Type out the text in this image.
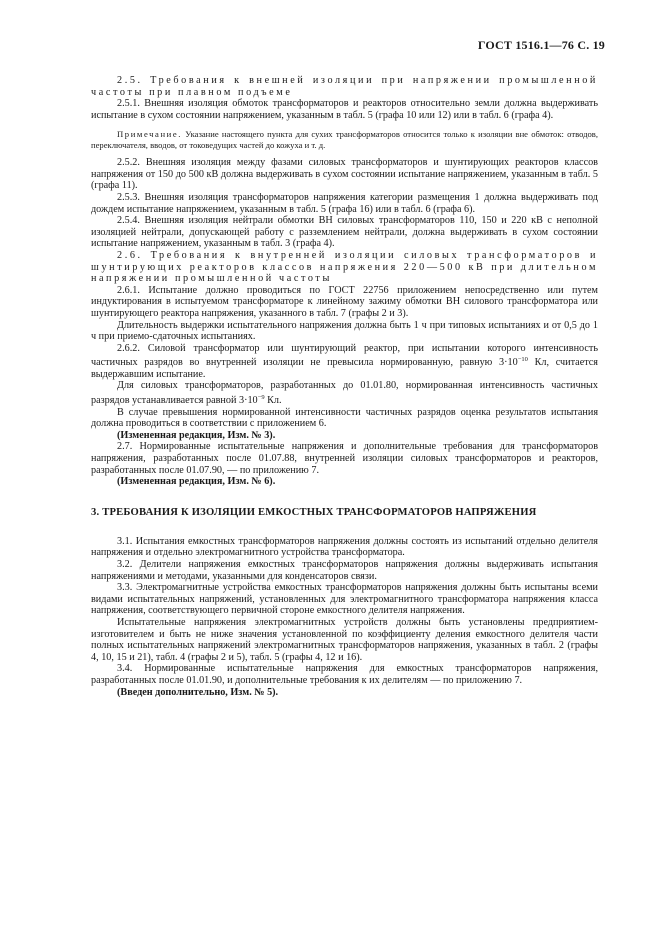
ГОСТ 1516.1—76 С. 19

2.5. Требования к внешней изоляции при напряжении промышленной частоты при плавном подъеме

2.5.1. Внешняя изоляция обмоток трансформаторов и реакторов относительно земли должна выдерживать испытание в сухом состоянии напряжением, указанным в табл. 5 (графа 10 или 12) или в табл. 6 (графа 4).

Примечание. Указание настоящего пункта для сухих трансформаторов относится только к изоляции вне обмоток: отводов, переключателя, вводов, от токоведущих частей до кожуха и т. д.

2.5.2. Внешняя изоляция между фазами силовых трансформаторов и шунтирующих реакторов классов напряжения от 150 до 500 кВ должна выдерживать в сухом состоянии испытание напряжением, указанным в табл. 5 (графа 11).

2.5.3. Внешняя изоляция трансформаторов напряжения категории размещения 1 должна выдерживать под дождем испытание напряжением, указанным в табл. 5 (графа 16) или в табл. 6 (графа 6).

2.5.4. Внешняя изоляция нейтрали обмотки ВН силовых трансформаторов 110, 150 и 220 кВ с неполной изоляцией нейтрали, допускающей работу с разземлением нейтрали, должна выдерживать в сухом состоянии испытание напряжением, указанным в табл. 3 (графа 4).

2.6. Требования к внутренней изоляции силовых трансформаторов и шунтирующих реакторов классов напряжения 220—500 кВ при длительном напряжении промышленной частоты

2.6.1. Испытание должно проводиться по ГОСТ 22756 приложением непосредственно или путем индуктирования в испытуемом трансформаторе к линейному зажиму обмотки ВН силового трансформатора или шунтирующего реактора напряжения, указанного в табл. 7 (графы 2 и 3).

Длительность выдержки испытательного напряжения должна быть 1 ч при типовых испытаниях и от 0,5 до 1 ч при приемо-сдаточных испытаниях.

2.6.2. Силовой трансформатор или шунтирующий реактор, при испытании которого интенсивность частичных разрядов во внутренней изоляции не превысила нормированную, равную $3\cdot 10^{-10}$ Кл, считается выдержавшим испытание.

Для силовых трансформаторов, разработанных до 01.01.80, нормированная интенсивность частичных разрядов устанавливается равной $3\cdot 10^{-9}$ Кл.

В случае превышения нормированной интенсивности частичных разрядов оценка результатов испытания должна проводиться в соответствии с приложением 6.

(Измененная редакция, Изм. № 3).

2.7. Нормированные испытательные напряжения и дополнительные требования для трансформаторов напряжения, разработанных после 01.07.88, внутренней изоляции силовых трансформаторов и реакторов, разработанных после 01.07.90, — по приложению 7.

(Измененная редакция, Изм. № 6).

3. ТРЕБОВАНИЯ К ИЗОЛЯЦИИ ЕМКОСТНЫХ ТРАНСФОРМАТОРОВ НАПРЯЖЕНИЯ

3.1. Испытания емкостных трансформаторов напряжения должны состоять из испытаний отдельно делителя напряжения и отдельно электромагнитного устройства трансформатора.

3.2. Делители напряжения емкостных трансформаторов напряжения должны выдерживать испытания напряжениями и методами, указанными для конденсаторов связи.

3.3. Электромагнитные устройства емкостных трансформаторов напряжения должны быть испытаны всеми видами испытательных напряжений, установленных для электромагнитного трансформатора напряжения класса напряжения, соответствующего первичной стороне емкостного делителя напряжения.

Испытательные напряжения электромагнитных устройств должны быть установлены предприятием-изготовителем и быть не ниже значения установленной по коэффициенту деления емкостного делителя части полных испытательных напряжений электромагнитных трансформаторов напряжения, указанных в табл. 2 (графы 4, 10, 15 и 21), табл. 4 (графы 2 и 5), табл. 5 (графы 4, 12 и 16).

3.4. Нормированные испытательные напряжения для емкостных трансформаторов напряжения, разработанных после 01.01.90, и дополнительные требования к их делителям — по приложению 7.

(Введен дополнительно, Изм. № 5).
